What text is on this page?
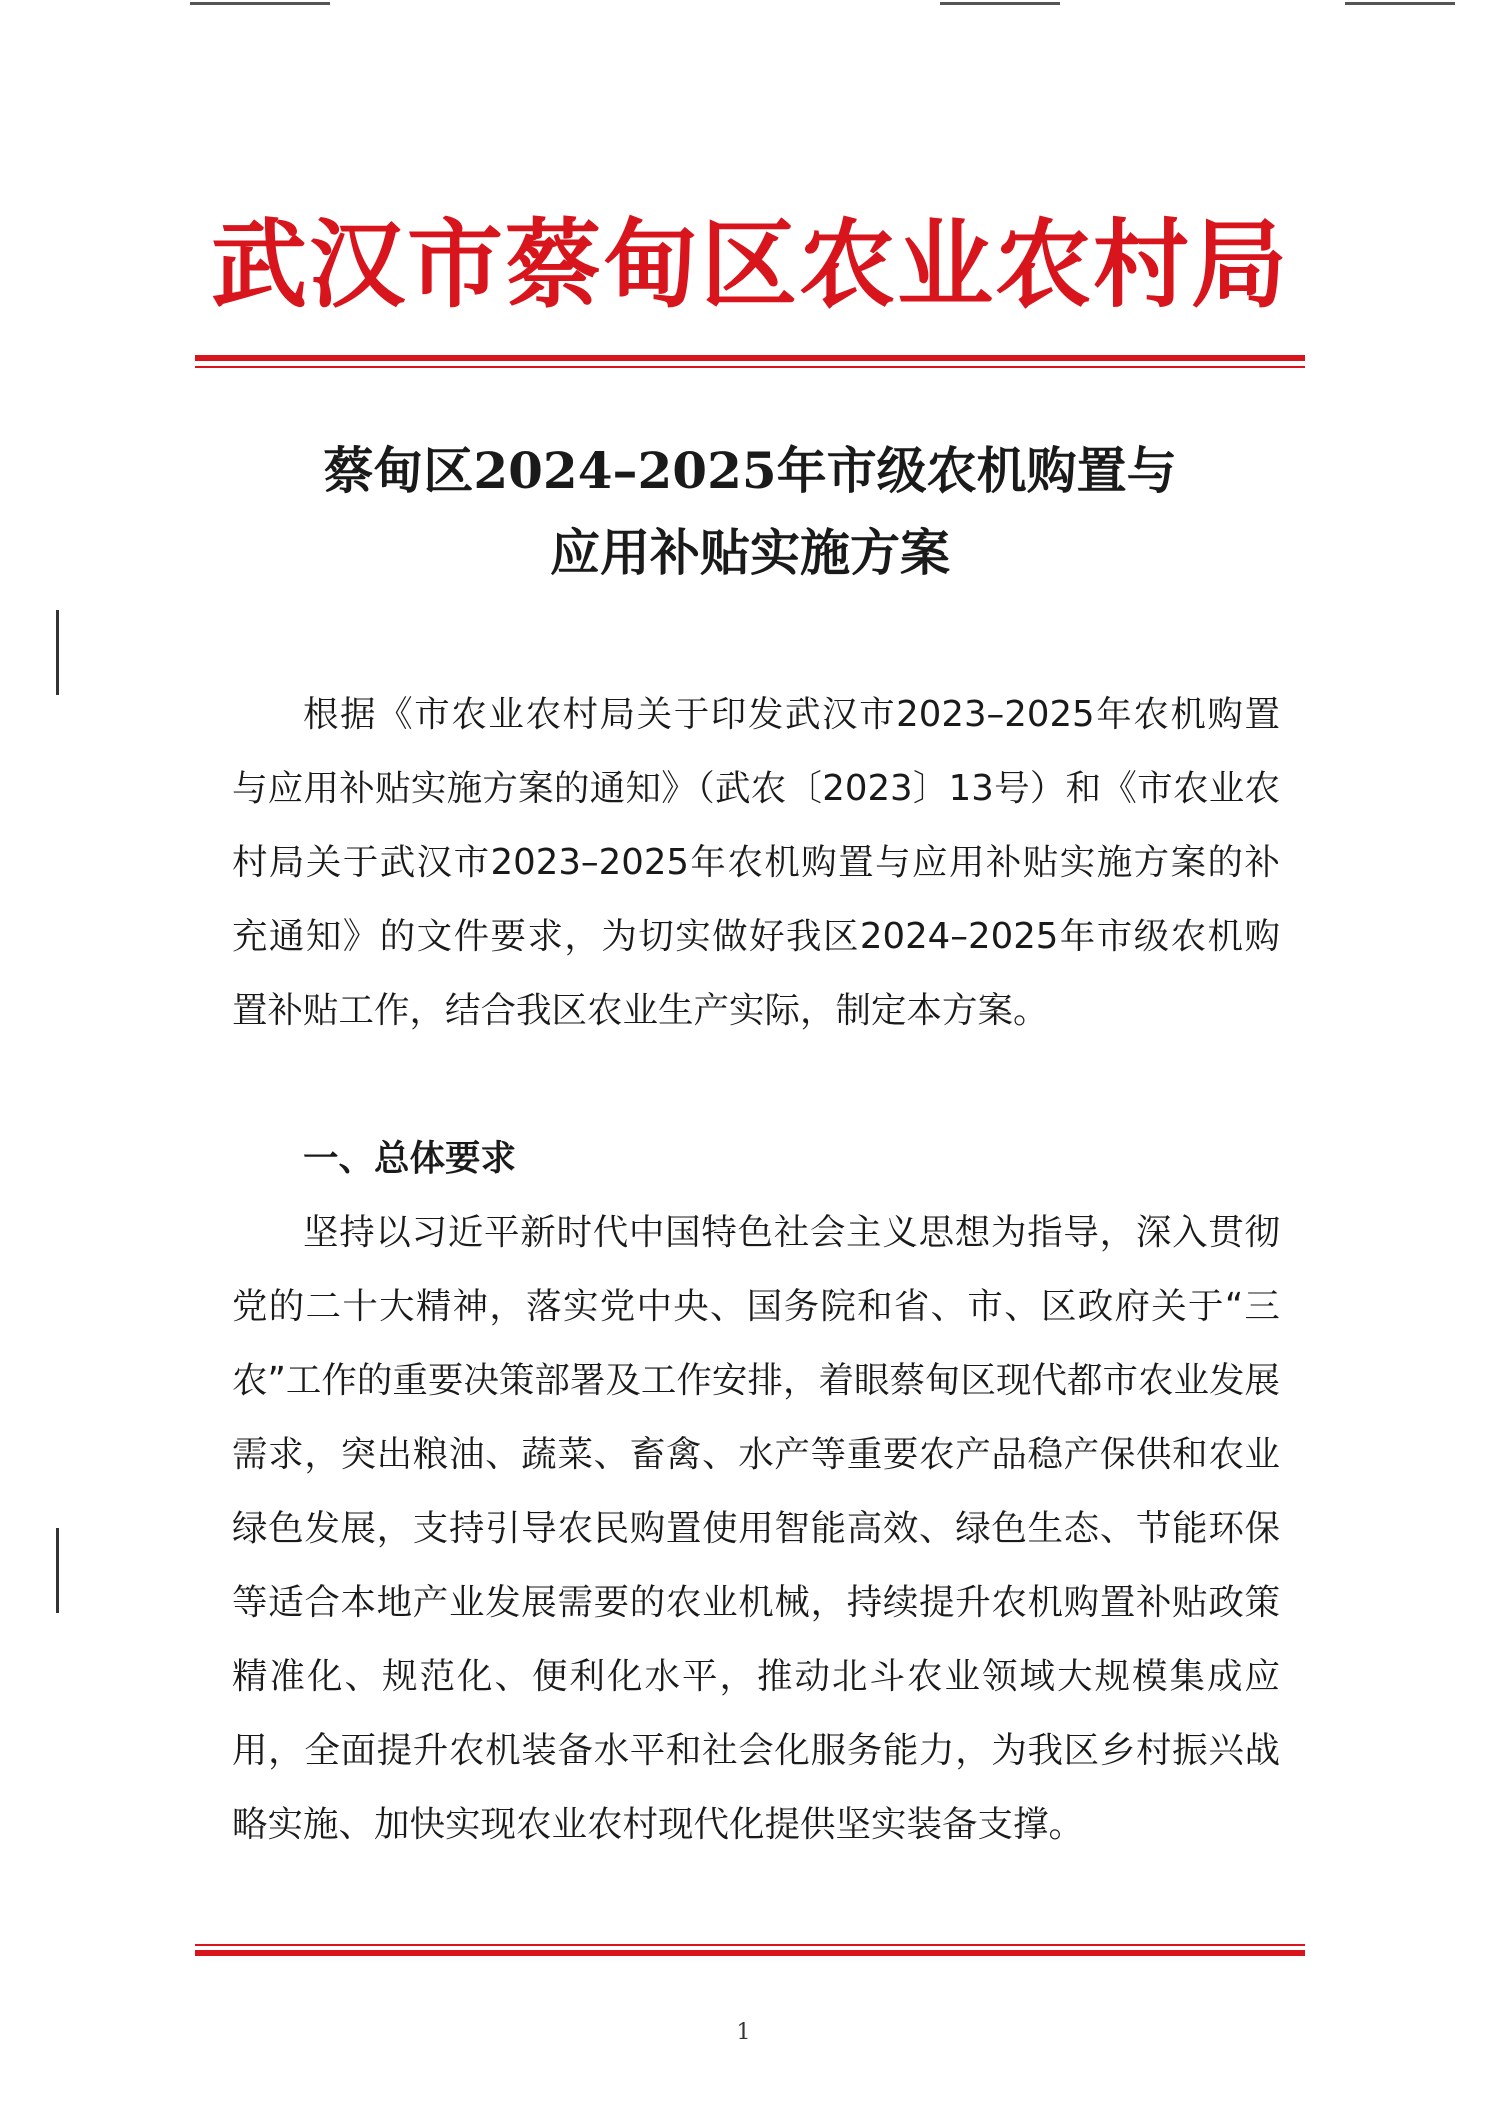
武汉市蔡甸区农业农村局
蔡甸区2024–2025年市级农机购置与
应用补贴实施方案

根据《市农业农村局关于印发武汉市2023–2025年农机购置与应用补贴实施方案的通知》（武农〔2023〕13号）和《市农业农村局关于武汉市2023–2025年农机购置与应用补贴实施方案的补充通知》的文件要求，为切实做好我区2024–2025年市级农机购置补贴工作，结合我区农业生产实际，制定本方案。

一、总体要求

坚持以习近平新时代中国特色社会主义思想为指导，深入贯彻党的二十大精神，落实党中央、国务院和省、市、区政府关于“三农”工作的重要决策部署及工作安排，着眼蔡甸区现代都市农业发展需求，突出粮油、蔬菜、畜禽、水产等重要农产品稳产保供和农业绿色发展，支持引导农民购置使用智能高效、绿色生态、节能环保等适合本地产业发展需要的农业机械，持续提升农机购置补贴政策精准化、规范化、便利化水平，推动北斗农业领域大规模集成应用，全面提升农机装备水平和社会化服务能力，为我区乡村振兴战略实施、加快实现农业农村现代化提供坚实装备支撑。

1
